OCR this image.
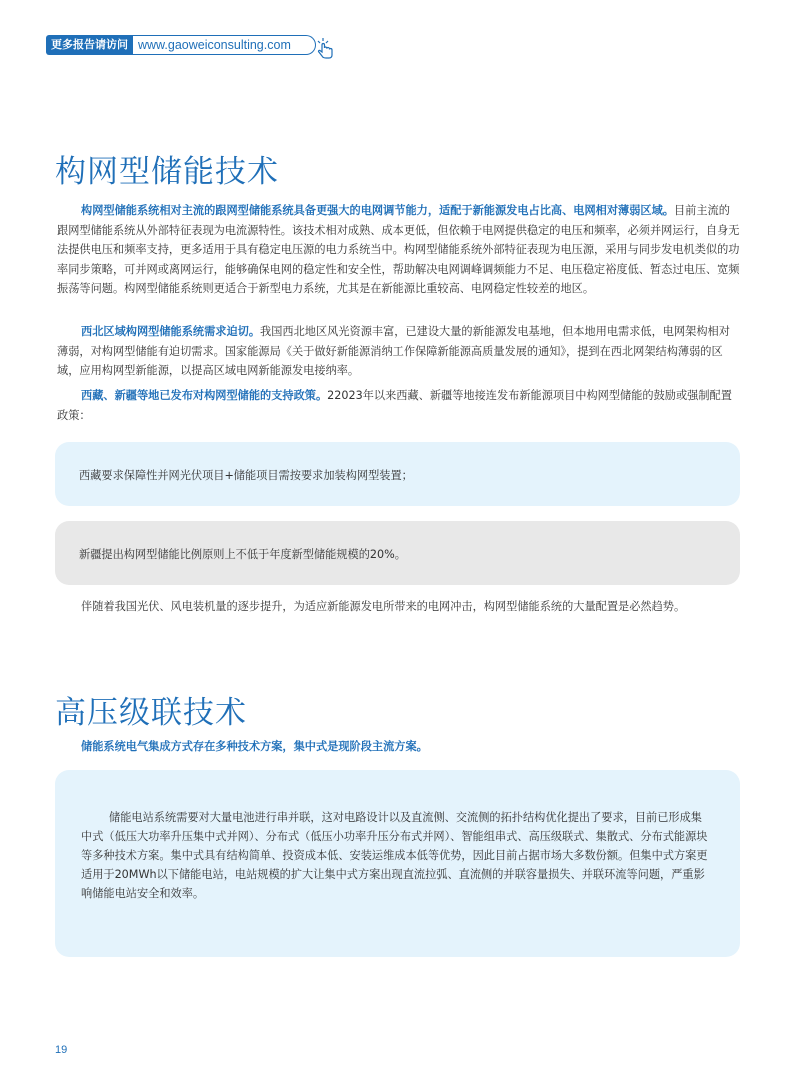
更多报告请访问 www.gaoweiconsulting.com
构网型储能技术

构网型储能系统相对主流的跟网型储能系统具备更强大的电网调节能力，适配于新能源发电占比高、电网相对薄弱区域。目前主流的跟网型储能系统从外部特征表现为电流源特性。该技术相对成熟、成本更低，但依赖于电网提供稳定的电压和频率，必须并网运行，自身无法提供电压和频率支持，更多适用于具有稳定电压源的电力系统当中。构网型储能系统外部特征表现为电压源，采用与同步发电机类似的功率同步策略，可并网或离网运行，能够确保电网的稳定性和安全性，帮助解决电网调峰调频能力不足、电压稳定裕度低、暂态过电压、宽频振荡等问题。构网型储能系统则更适合于新型电力系统，尤其是在新能源比重较高、电网稳定性较差的地区。

西北区域构网型储能系统需求迫切。我国西北地区风光资源丰富，已建设大量的新能源发电基地，但本地用电需求低，电网架构相对薄弱，对构网型储能有迫切需求。国家能源局《关于做好新能源消纳工作保障新能源高质量发展的通知》，提到在西北网架结构薄弱的区域，应用构网型新能源，以提高区域电网新能源发电接纳率。

西藏、新疆等地已发布对构网型储能的支持政策。22023年以来西藏、新疆等地接连发布新能源项目中构网型储能的鼓励或强制配置政策：

西藏要求保障性并网光伏项目+储能项目需按要求加装构网型装置；
新疆提出构网型储能比例原则上不低于年度新型储能规模的20%。

伴随着我国光伏、风电装机量的逐步提升，为适应新能源发电所带来的电网冲击，构网型储能系统的大量配置是必然趋势。

高压级联技术

储能系统电气集成方式存在多种技术方案，集中式是现阶段主流方案。

储能电站系统需要对大量电池进行串并联，这对电路设计以及直流侧、交流侧的拓扑结构优化提出了要求，目前已形成集中式（低压大功率升压集中式并网）、分布式（低压小功率升压分布式并网）、智能组串式、高压级联式、集散式、分布式能源块等多种技术方案。集中式具有结构简单、投资成本低、安装运维成本低等优势，因此目前占据市场大多数份额。但集中式方案更适用于20MWh以下储能电站，电站规模的扩大让集中式方案出现直流拉弧、直流侧的并联容量损失、并联环流等问题，严重影响储能电站安全和效率。

19
